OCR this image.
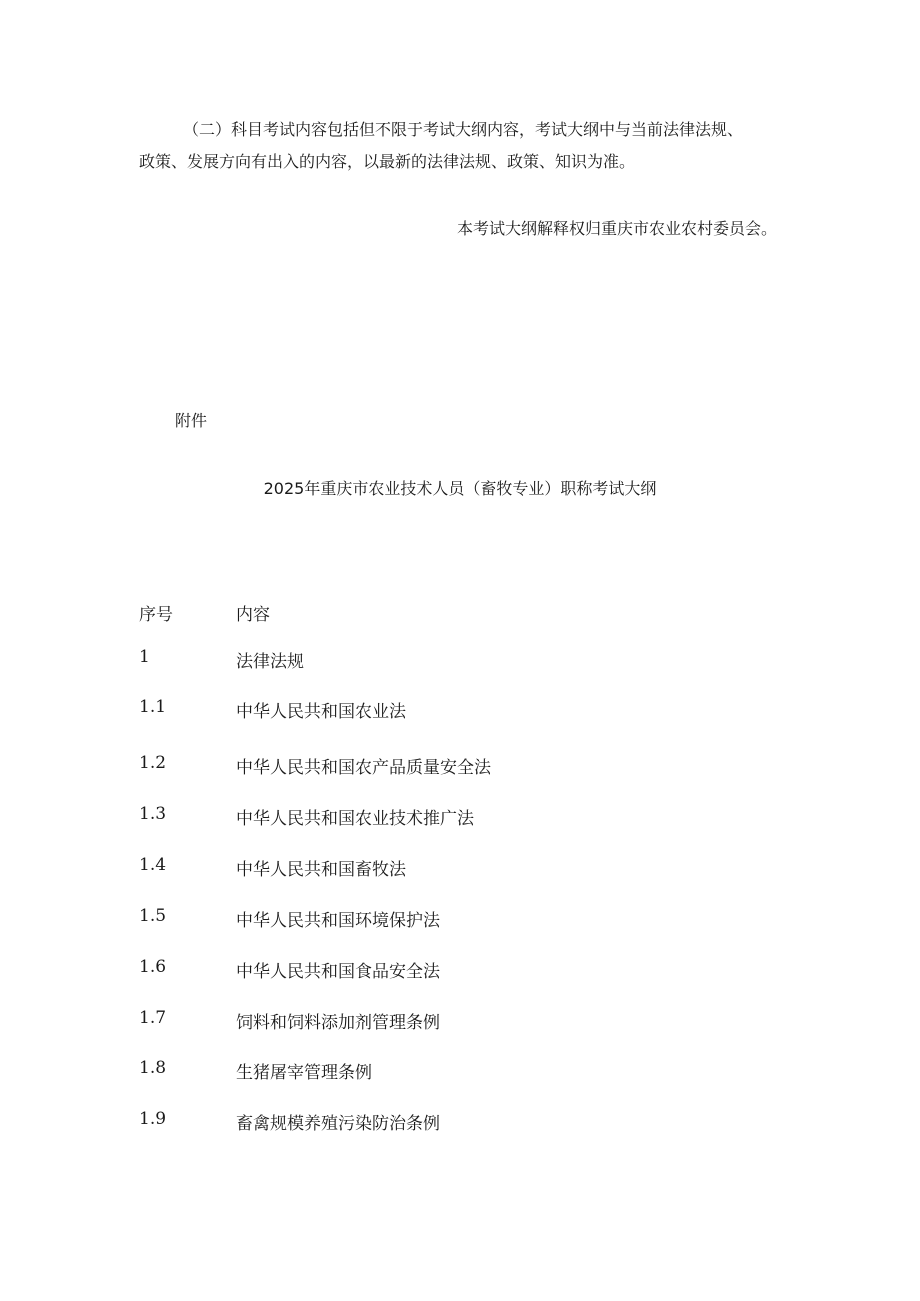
（二）科目考试内容包括但不限于考试大纲内容，考试大纲中与当前法律法规、
政策、发展方向有出入的内容，以最新的法律法规、政策、知识为准。
本考试大纲解释权归重庆市农业农村委员会。
附件
2025年重庆市农业技术人员（畜牧专业）职称考试大纲
序号	内容
1	法律法规
1.1	中华人民共和国农业法
1.2	中华人民共和国农产品质量安全法
1.3	中华人民共和国农业技术推广法
1.4	中华人民共和国畜牧法
1.5	中华人民共和国环境保护法
1.6	中华人民共和国食品安全法
1.7	饲料和饲料添加剂管理条例
1.8	生猪屠宰管理条例
1.9	畜禽规模养殖污染防治条例
